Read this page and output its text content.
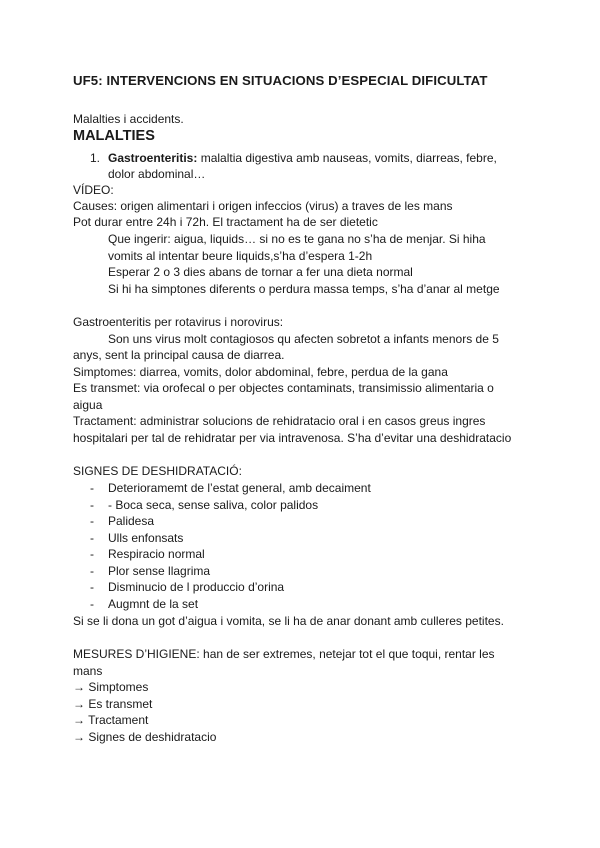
UF5: INTERVENCIONS EN SITUACIONS D’ESPECIAL DIFICULTAT
Malalties i accidents.
MALALTIES
1. Gastroenteritis: malaltia digestiva amb nauseas, vomits, diarreas, febre,
dolor abdominal…
VÍDEO:
Causes: origen alimentari i origen infeccios (virus) a traves de les mans
Pot durar entre 24h i 72h. El tractament ha de ser dietetic
Que ingerir: aigua, liquids… si no es te gana no s’ha de menjar. Si hiha
vomits al intentar beure liquids,s’ha d’espera 1-2h
Esperar 2 o 3 dies abans de tornar a fer una dieta normal
Si hi ha simptones diferents o perdura massa temps, s’ha d’anar al metge
Gastroenteritis per rotavirus i norovirus:
Son uns virus molt contagiosos qu afecten sobretot a infants menors de 5
anys, sent la principal causa de diarrea.
Simptomes: diarrea, vomits, dolor abdominal, febre, perdua de la gana
Es transmet: via orofecal o per objectes contaminats, transimissio alimentaria o
aigua
Tractament: administrar solucions de rehidratacio oral i en casos greus ingres
hospitalari per tal de rehidratar per via intravenosa. S’ha d’evitar una deshidratacio
SIGNES DE DESHIDRATACIÓ:
- Deterioramemt de l’estat general, amb decaiment
- - Boca seca, sense saliva, color palidos
- Palidesa
- Ulls enfonsats
- Respiracio normal
- Plor sense llagrima
- Disminucio de l produccio d’orina
- Augmnt de la set
Si se li dona un got d’aigua i vomita, se li ha de anar donant amb culleres petites.
MESURES D’HIGIENE: han de ser extremes, netejar tot el que toqui, rentar les
mans
→ Simptomes
→ Es transmet
→ Tractament
→ Signes de deshidratacio
